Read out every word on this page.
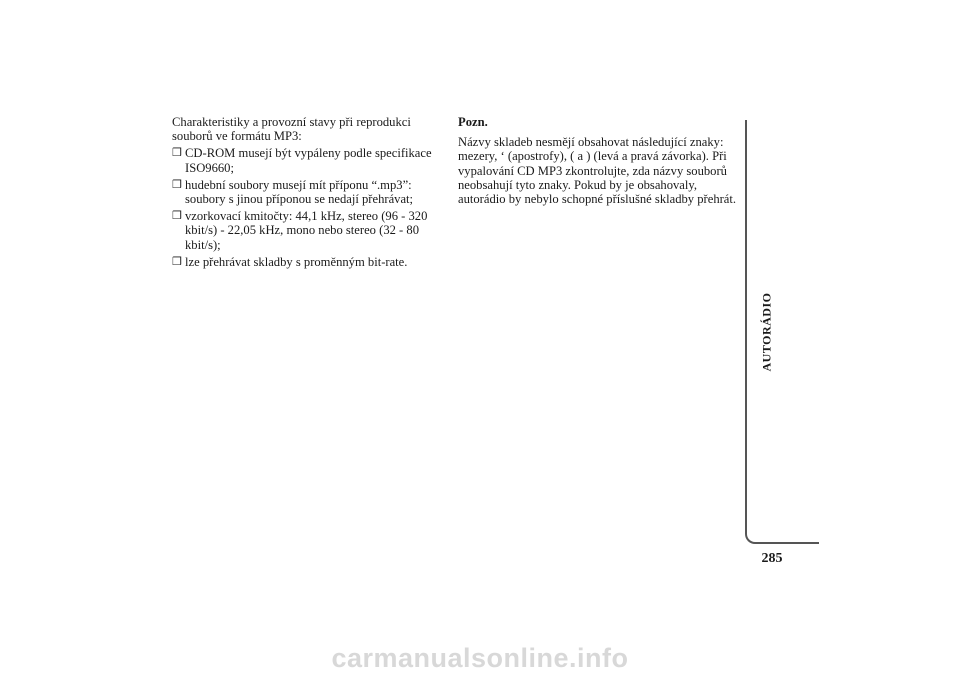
Charakteristiky a provozní stavy při reprodukci souborů ve formátu MP3:

❒ CD-ROM musejí být vypáleny podle specifikace ISO9660;
❒ hudební soubory musejí mít příponu “.mp3”: soubory s jinou příponou se nedají přehrávat;
❒ vzorkovací kmitočty: 44,1 kHz, stereo (96 - 320 kbit/s) - 22,05 kHz, mono nebo stereo (32 - 80 kbit/s);
❒ lze přehrávat skladby s proměnným bit-rate.

Pozn.

Názvy skladeb nesmějí obsahovat následující znaky: mezery, ‘ (apostrofy), ( a ) (levá a pravá závorka). Při vypalování CD MP3 zkontrolujte, zda názvy souborů neobsahují tyto znaky. Pokud by je obsahovaly, autorádio by nebylo schopné příslušné skladby přehrát.

AUTORÁDIO
285
carmanualsonline.info
